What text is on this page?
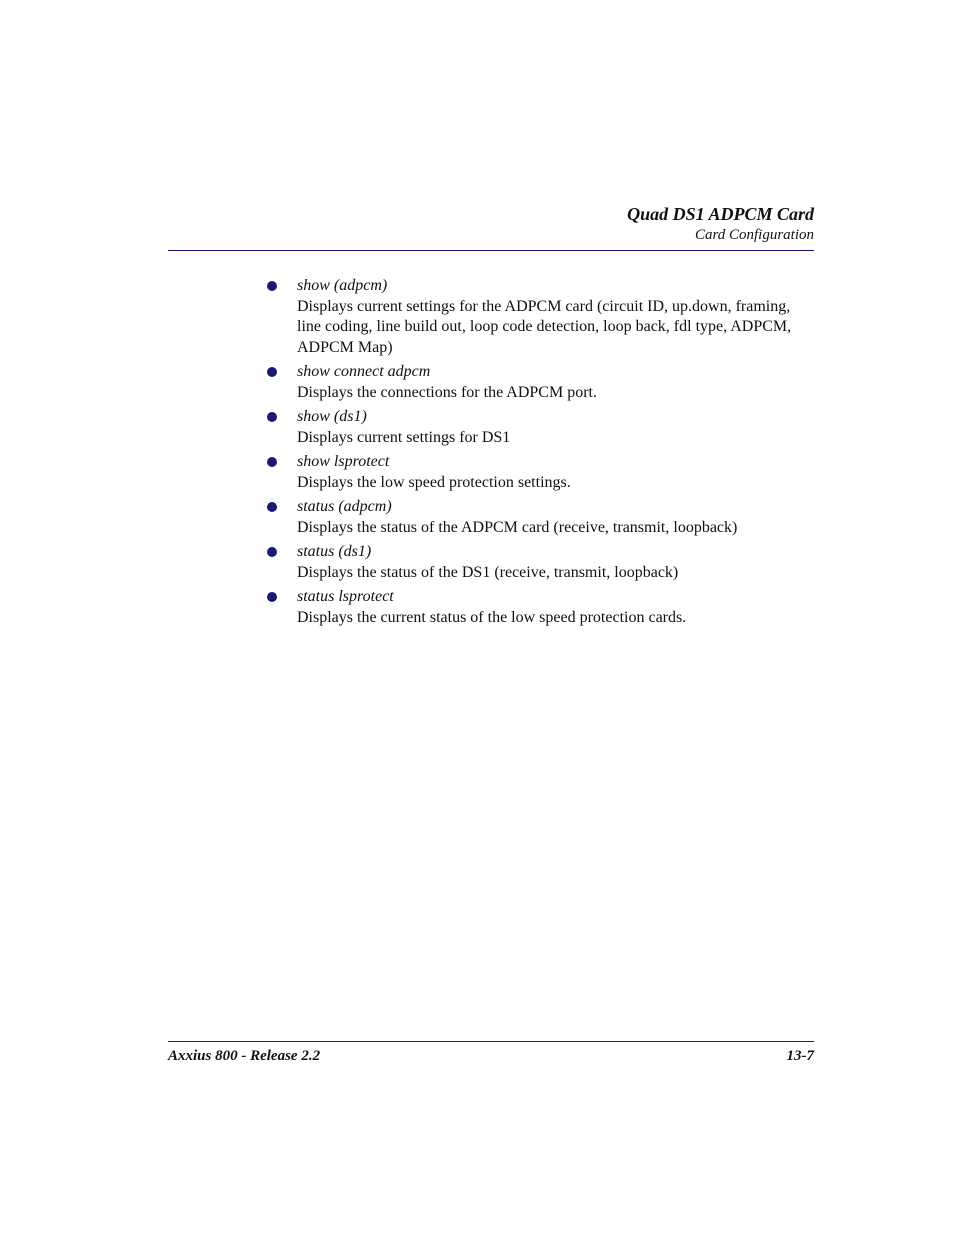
Quad DS1 ADPCM Card
Card Configuration
show (adpcm)
Displays current settings for the ADPCM card (circuit ID, up.down, framing, line coding, line build out, loop code detection, loop back, fdl type, ADPCM, ADPCM Map)
show connect adpcm
Displays the connections for the ADPCM port.
show (ds1)
Displays current settings for DS1
show lsprotect
Displays the low speed protection settings.
status (adpcm)
Displays the status of the ADPCM card (receive, transmit, loopback)
status (ds1)
Displays the status of the DS1 (receive, transmit, loopback)
status lsprotect
Displays the current status of the low speed protection cards.
Axxius 800 - Release 2.2	13-7
